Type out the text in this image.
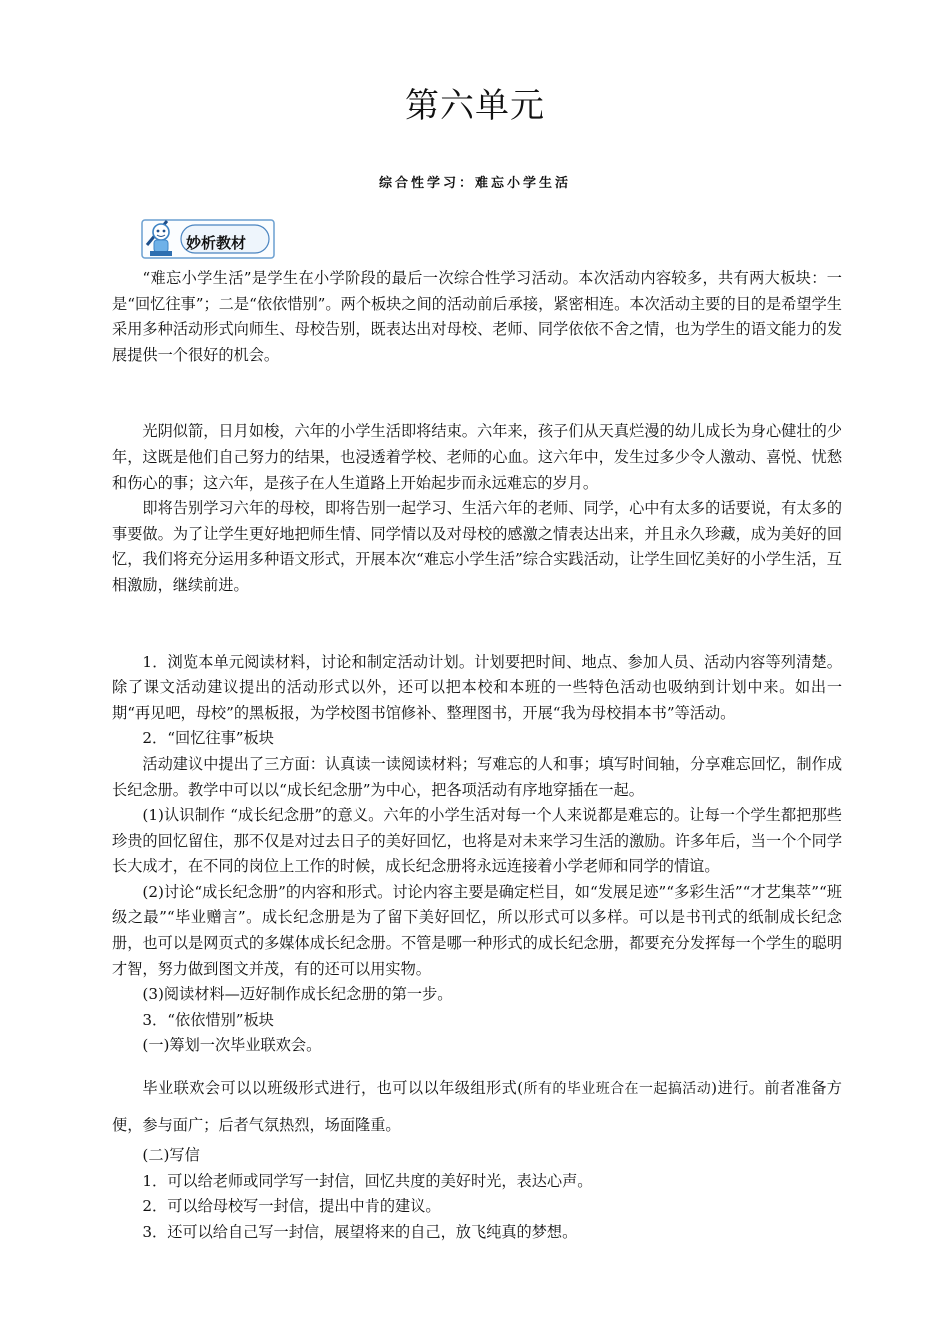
第六单元
综合性学习：难忘小学生活
妙析教材

“难忘小学生活”是学生在小学阶段的最后一次综合性学习活动。本次活动内容较多，共有两大板块：一是“回忆往事”；二是“依依惜别”。两个板块之间的活动前后承接，紧密相连。本次活动主要的目的是希望学生采用多种活动形式向师生、母校告别，既表达出对母校、老师、同学依依不舍之情，也为学生的语文能力的发展提供一个很好的机会。

光阴似箭，日月如梭，六年的小学生活即将结束。六年来，孩子们从天真烂漫的幼儿成长为身心健壮的少年，这既是他们自己努力的结果，也浸透着学校、老师的心血。这六年中，发生过多少令人激动、喜悦、忧愁和伤心的事；这六年，是孩子在人生道路上开始起步而永远难忘的岁月。

即将告别学习六年的母校，即将告别一起学习、生活六年的老师、同学，心中有太多的话要说，有太多的事要做。为了让学生更好地把师生情、同学情以及对母校的感激之情表达出来，并且永久珍藏，成为美好的回忆，我们将充分运用多种语文形式，开展本次“难忘小学生活”综合实践活动，让学生回忆美好的小学生活，互相激励，继续前进。

1．浏览本单元阅读材料，讨论和制定活动计划。计划要把时间、地点、参加人员、活动内容等列清楚。除了课文活动建议提出的活动形式以外，还可以把本校和本班的一些特色活动也吸纳到计划中来。如出一期“再见吧，母校”的黑板报，为学校图书馆修补、整理图书，开展“我为母校捐本书”等活动。

2．“回忆往事”板块

活动建议中提出了三方面：认真读一读阅读材料；写难忘的人和事；填写时间轴，分享难忘回忆，制作成长纪念册。教学中可以以“成长纪念册”为中心，把各项活动有序地穿插在一起。

(1)认识制作 “成长纪念册”的意义。六年的小学生活对每一个人来说都是难忘的。让每一个学生都把那些珍贵的回忆留住，那不仅是对过去日子的美好回忆，也将是对未来学习生活的激励。许多年后，当一个个同学长大成才，在不同的岗位上工作的时候，成长纪念册将永远连接着小学老师和同学的情谊。

(2)讨论“成长纪念册”的内容和形式。讨论内容主要是确定栏目，如“发展足迹”“多彩生活”“才艺集萃”“班级之最”“毕业赠言”。成长纪念册是为了留下美好回忆，所以形式可以多样。可以是书刊式的纸制成长纪念册，也可以是网页式的多媒体成长纪念册。不管是哪一种形式的成长纪念册，都要充分发挥每一个学生的聪明才智，努力做到图文并茂，有的还可以用实物。

(3)阅读材料—迈好制作成长纪念册的第一步。

3．“依依惜别”板块

(一)筹划一次毕业联欢会。

毕业联欢会可以以班级形式进行，也可以以年级组形式(所有的毕业班合在一起搞活动)进行。前者准备方便，参与面广；后者气氛热烈，场面隆重。

(二)写信

1．可以给老师或同学写一封信，回忆共度的美好时光，表达心声。

2．可以给母校写一封信，提出中肯的建议。

3．还可以给自己写一封信，展望将来的自己，放飞纯真的梦想。
